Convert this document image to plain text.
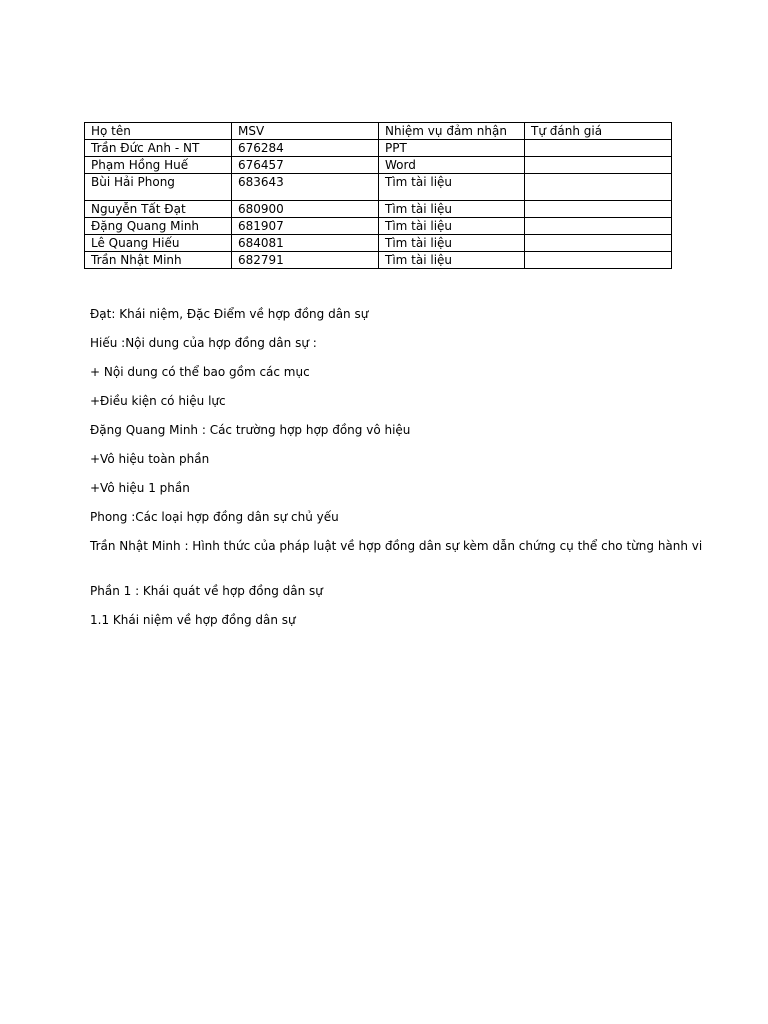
Họ tên	MSV	Nhiệm vụ đảm nhận	Tự đánh giá
Trần Đức Anh - NT	676284	PPT	
Phạm Hồng Huế	676457	Word	
Bùi Hải Phong	683643	Tìm tài liệu	
Nguyễn Tất Đạt	680900	Tìm tài liệu	
Đặng Quang Minh	681907	Tìm tài liệu	
Lê Quang Hiếu	684081	Tìm tài liệu	
Trần Nhật Minh	682791	Tìm tài liệu	

Đạt: Khái niệm, Đặc Điểm về hợp đồng dân sự

Hiếu :Nội dung của hợp đồng dân sự :

+ Nội dung có thể bao gồm các mục

+Điều kiện có hiệu lực

Đặng Quang Minh : Các trường hợp hợp đồng vô hiệu

+Vô hiệu toàn phần

+Vô hiệu 1 phần

Phong :Các loại hợp đồng dân sự chủ yếu

Trần Nhật Minh : Hình thức của pháp luật về hợp đồng dân sự kèm dẫn chứng cụ thể cho từng hành vi

Phần 1 : Khái quát về hợp đồng dân sự

1.1 Khái niệm về hợp đồng dân sự
